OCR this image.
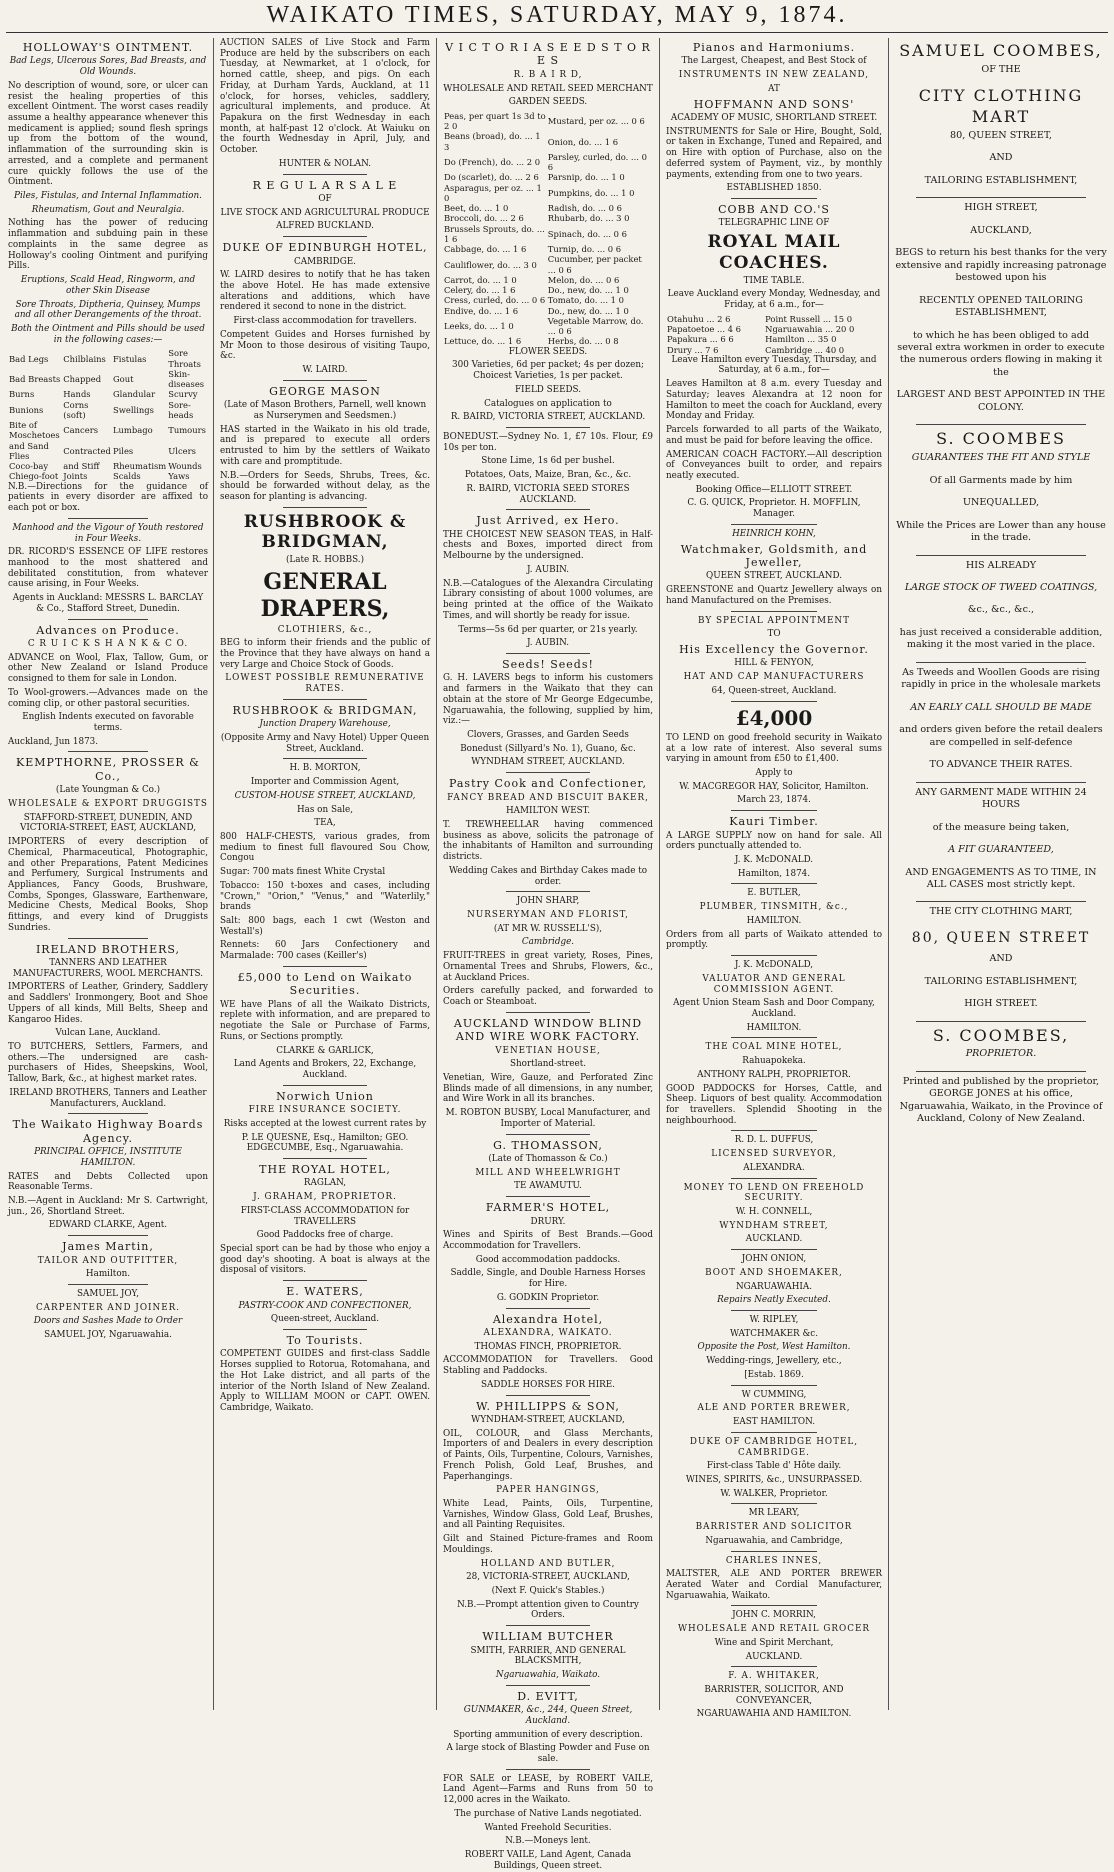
WAIKATO TIMES, SATURDAY, MAY 9, 1874.
HOLLOWAY'S OINTMENT.

Bad Legs, Ulcerous Sores, Bad Breasts, and Old Wounds.

No description of wound, sore, or ulcer can resist the healing properties of this excellent Ointment. The worst cases readily assume a healthy appearance whenever this medicament is applied; sound flesh springs up from the bottom of the wound, inflammation of the surrounding skin is arrested, and a complete and permanent cure quickly follows the use of the Ointment.

Piles, Fistulas, and Internal Inflammation.

Rheumatism, Gout and Neuralgia.

Nothing has the power of reducing inflammation and subduing pain in these complaints in the same degree as Holloway's cooling Ointment and purifying Pills.

Eruptions, Scald Head, Ringworm, and other Skin Disease

Sore Throats, Diptheria, Quinsey, Mumps and all other Derangements of the throat.

Both the Ointment and Pills should be used in the following cases:—

Bad Legs	Chilblains	Fistulas	Sore Throats
Bad Breasts	Chapped	Gout	Skin-diseases
Burns	Hands	Glandular	Scurvy
Bunions	Corns (soft)	Swellings	Sore-heads
Bite of Moschetoes	Cancers	Lumbago	Tumours
and Sand Flies	Contracted	Piles	Ulcers
Coco-bay	and Stiff	Rheumatism	Wounds
Chiego-foot	Joints	Scalds	Yaws

N.B.—Directions for the guidance of patients in every disorder are affixed to each pot or box.

Manhood and the Vigour of Youth restored in Four Weeks.

DR. RICORD'S ESSENCE OF LIFE restores manhood to the most shattered and debilitated constitution, from whatever cause arising, in Four Weeks.

Agents in Auckland: MESSRS L. BARCLAY & Co., Stafford Street, Dunedin.

Advances on Produce.

C R U I C K S H A N K & C O.

ADVANCE on Wool, Flax, Tallow, Gum, or other New Zealand or Island Produce consigned to them for sale in London.

To Wool-growers.—Advances made on the coming clip, or other pastoral securities.

English Indents executed on favorable terms.

Auckland, Jun 1873.

KEMPTHORNE, PROSSER & Co.,

(Late Youngman & Co.)

WHOLESALE & EXPORT DRUGGISTS

STAFFORD-STREET, DUNEDIN, AND VICTORIA-STREET, EAST, AUCKLAND,

IMPORTERS of every description of Chemical, Pharmaceutical, Photographic, and other Preparations, Patent Medicines and Perfumery, Surgical Instruments and Appliances, Fancy Goods, Brushware, Combs, Sponges, Glassware, Earthenware, Medicine Chests, Medical Books, Shop fittings, and every kind of Druggists Sundries.

IRELAND BROTHERS,

TANNERS AND LEATHER MANUFACTURERS, WOOL MERCHANTS.

IMPORTERS of Leather, Grindery, Saddlery and Saddlers' Ironmongery, Boot and Shoe Uppers of all kinds, Mill Belts, Sheep and Kangaroo Hides.

Vulcan Lane, Auckland.

TO BUTCHERS, Settlers, Farmers, and others.—The undersigned are cash-purchasers of Hides, Sheepskins, Wool, Tallow, Bark, &c., at highest market rates.

IRELAND BROTHERS, Tanners and Leather Manufacturers, Auckland.

The Waikato Highway Boards Agency.

PRINCIPAL OFFICE, INSTITUTE HAMILTON.

RATES and Debts Collected upon Reasonable Terms.

N.B.—Agent in Auckland: Mr S. Cartwright, jun., 26, Shortland Street.

EDWARD CLARKE, Agent.

James Martin,

TAILOR AND OUTFITTER,

Hamilton.

SAMUEL JOY,

CARPENTER AND JOINER.

Doors and Sashes Made to Order

SAMUEL JOY, Ngaruawahia.

AUCTION SALES of Live Stock and Farm Produce are held by the subscribers on each Tuesday, at Newmarket, at 1 o'clock, for horned cattle, sheep, and pigs. On each Friday, at Durham Yards, Auckland, at 11 o'clock, for horses, vehicles, saddlery, agricultural implements, and produce. At Papakura on the first Wednesday in each month, at half-past 12 o'clock. At Waiuku on the fourth Wednesday in April, July, and October.

HUNTER & NOLAN.

R E G U L A R S A L E

OF

LIVE STOCK AND AGRICULTURAL PRODUCE

ALFRED BUCKLAND.

DUKE OF EDINBURGH HOTEL,

CAMBRIDGE.

W. LAIRD desires to notify that he has taken the above Hotel. He has made extensive alterations and additions, which have rendered it second to none in the district.

First-class accommodation for travellers.

Competent Guides and Horses furnished by Mr Moon to those desirous of visiting Taupo, &c.

W. LAIRD.

GEORGE MASON

(Late of Mason Brothers, Parnell, well known as Nurserymen and Seedsmen.)

HAS started in the Waikato in his old trade, and is prepared to execute all orders entrusted to him by the settlers of Waikato with care and promptitude.

N.B.—Orders for Seeds, Shrubs, Trees, &c. should be forwarded without delay, as the season for planting is advancing.

RUSHBROOK & BRIDGMAN,

(Late R. HOBBS.)

GENERAL DRAPERS,

CLOTHIERS, &c.,

BEG to inform their friends and the public of the Province that they have always on hand a very Large and Choice Stock of Goods.

LOWEST POSSIBLE REMUNERATIVE RATES.

RUSHBROOK & BRIDGMAN,

Junction Drapery Warehouse,

(Opposite Army and Navy Hotel) Upper Queen Street, Auckland.

H. B. MORTON,

Importer and Commission Agent,

CUSTOM-HOUSE STREET, AUCKLAND,

Has on Sale,

TEA,

800 HALF-CHESTS, various grades, from medium to finest full flavoured Sou Chow, Congou

Sugar: 700 mats finest White Crystal

Tobacco: 150 t-boxes and cases, including "Crown," "Orion," "Venus," and "Waterlily," brands

Salt: 800 bags, each 1 cwt (Weston and Westall's)

Rennets: 60 Jars Confectionery and Marmalade: 700 cases (Keiller's)

£5,000 to Lend on Waikato Securities.

WE have Plans of all the Waikato Districts, replete with information, and are prepared to negotiate the Sale or Purchase of Farms, Runs, or Sections promptly.

CLARKE & GARLICK,

Land Agents and Brokers, 22, Exchange, Auckland.

Norwich Union

FIRE INSURANCE SOCIETY.

Risks accepted at the lowest current rates by

P. LE QUESNE, Esq., Hamilton; GEO. EDGECUMBE, Esq., Ngaruawahia.

THE ROYAL HOTEL,

RAGLAN,

J. GRAHAM, PROPRIETOR.

FIRST-CLASS ACCOMMODATION for TRAVELLERS

Good Paddocks free of charge.

Special sport can be had by those who enjoy a good day's shooting. A boat is always at the disposal of visitors.

E. WATERS,

PASTRY-COOK AND CONFECTIONER,

Queen-street, Auckland.

To Tourists.

COMPETENT GUIDES and first-class Saddle Horses supplied to Rotorua, Rotomahana, and the Hot Lake district, and all parts of the interior of the North Island of New Zealand. Apply to WILLIAM MOON or CAPT. OWEN. Cambridge, Waikato.

V I C T O R I A S E E D S T O R E S

R. B A I R D,

WHOLESALE AND RETAIL SEED MERCHANT

GARDEN SEEDS.

Peas, per quart 1s 3d to 2 0	Mustard, per oz. ... 0 6
Beans (broad), do. ... 1 3	Onion, do. ... 1 6
Do (French), do. ... 2 0	Parsley, curled, do. ... 0 6
Do (scarlet), do. ... 2 6	Parsnip, do. ... 1 0
Asparagus, per oz. ... 1 0	Pumpkins, do. ... 1 0
Beet, do. ... 1 0	Radish, do. ... 0 6
Broccoli, do. ... 2 6	Rhubarb, do. ... 3 0
Brussels Sprouts, do. ... 1 6	Spinach, do. ... 0 6
Cabbage, do. ... 1 6	Turnip, do. ... 0 6
Cauliflower, do. ... 3 0	Cucumber, per packet ... 0 6
Carrot, do. ... 1 0	Melon, do. ... 0 6
Celery, do. ... 1 6	Do., new, do. ... 1 0
Cress, curled, do. ... 0 6	Tomato, do. ... 1 0
Endive, do. ... 1 6	Do., new, do. ... 1 0
Leeks, do. ... 1 0	Vegetable Marrow, do. ... 0 6
Lettuce, do. ... 1 6	Herbs, do. ... 0 8

FLOWER SEEDS.

300 Varieties, 6d per packet; 4s per dozen; Choicest Varieties, 1s per packet.

FIELD SEEDS.

Catalogues on application to

R. BAIRD, VICTORIA STREET, AUCKLAND.

BONEDUST.—Sydney No. 1, £7 10s. Flour, £9 10s per ton.

Stone Lime, 1s 6d per bushel.

Potatoes, Oats, Maize, Bran, &c., &c.

R. BAIRD, VICTORIA SEED STORES AUCKLAND.

Just Arrived, ex Hero.

THE CHOICEST NEW SEASON TEAS, in Half-chests and Boxes, imported direct from Melbourne by the undersigned.

J. AUBIN.

N.B.—Catalogues of the Alexandra Circulating Library consisting of about 1000 volumes, are being printed at the office of the Waikato Times, and will shortly be ready for issue.

Terms—5s 6d per quarter, or 21s yearly.

J. AUBIN.

Seeds! Seeds!

G. H. LAVERS begs to inform his customers and farmers in the Waikato that they can obtain at the store of Mr George Edgecumbe, Ngaruawahia, the following, supplied by him, viz.:—

Clovers, Grasses, and Garden Seeds

Bonedust (Sillyard's No. 1), Guano, &c.

WYNDHAM STREET, AUCKLAND.

Pastry Cook and Confectioner,

FANCY BREAD AND BISCUIT BAKER,

HAMILTON WEST.

T. TREWHEELLAR having commenced business as above, solicits the patronage of the inhabitants of Hamilton and surrounding districts.

Wedding Cakes and Birthday Cakes made to order.

JOHN SHARP,

NURSERYMAN AND FLORIST,

(AT MR W. RUSSELL'S),

Cambridge.

FRUIT-TREES in great variety, Roses, Pines, Ornamental Trees and Shrubs, Flowers, &c., at Auckland Prices.

Orders carefully packed, and forwarded to Coach or Steamboat.

AUCKLAND WINDOW BLIND AND WIRE WORK FACTORY.

VENETIAN HOUSE,

Shortland-street.

Venetian, Wire, Gauze, and Perforated Zinc Blinds made of all dimensions, in any number, and Wire Work in all its branches.

M. ROBTON BUSBY, Local Manufacturer, and Importer of Material.

G. THOMASSON,

(Late of Thomasson & Co.)

MILL AND WHEELWRIGHT

TE AWAMUTU.

FARMER'S HOTEL,

DRURY.

Wines and Spirits of Best Brands.—Good Accommodation for Travellers.

Good accommodation paddocks.

Saddle, Single, and Double Harness Horses for Hire.

G. GODKIN Proprietor.

Alexandra Hotel,

ALEXANDRA, WAIKATO.

THOMAS FINCH, PROPRIETOR.

ACCOMMODATION for Travellers. Good Stabling and Paddocks.

SADDLE HORSES FOR HIRE.

W. PHILLIPPS & SON,

WYNDHAM-STREET, AUCKLAND,

OIL, COLOUR, and Glass Merchants, Importers of and Dealers in every description of Paints, Oils, Turpentine, Colours, Varnishes, French Polish, Gold Leaf, Brushes, and Paperhangings.

PAPER HANGINGS,

White Lead, Paints, Oils, Turpentine, Varnishes, Window Glass, Gold Leaf, Brushes, and all Painting Requisites.

Gilt and Stained Picture-frames and Room Mouldings.

HOLLAND AND BUTLER,

28, VICTORIA-STREET, AUCKLAND,

(Next F. Quick's Stables.)

N.B.—Prompt attention given to Country Orders.

WILLIAM BUTCHER

SMITH, FARRIER, AND GENERAL BLACKSMITH,

Ngaruawahia, Waikato.

D. EVITT,

GUNMAKER, &c., 244, Queen Street, Auckland.

Sporting ammunition of every description.

A large stock of Blasting Powder and Fuse on sale.

FOR SALE or LEASE, by ROBERT VAILE, Land Agent—Farms and Runs from 50 to 12,000 acres in the Waikato.

The purchase of Native Lands negotiated.

Wanted Freehold Securities.

N.B.—Moneys lent.

ROBERT VAILE, Land Agent, Canada Buildings, Queen street.

Pianos and Harmoniums.

The Largest, Cheapest, and Best Stock of

INSTRUMENTS IN NEW ZEALAND,

AT

HOFFMANN AND SONS'

ACADEMY OF MUSIC, SHORTLAND STREET.

INSTRUMENTS for Sale or Hire, Bought, Sold, or taken in Exchange, Tuned and Repaired, and on Hire with option of Purchase, also on the deferred system of Payment, viz., by monthly payments, extending from one to two years.

ESTABLISHED 1850.

COBB AND CO.'S

TELEGRAPHIC LINE OF

ROYAL MAIL COACHES.

TIME TABLE.

Leave Auckland every Monday, Wednesday, and Friday, at 6 a.m., for—

Otahuhu ... 2 6	Point Russell ... 15 0
Papatoetoe ... 4 6	Ngaruawahia ... 20 0
Papakura ... 6 6	Hamilton ... 35 0
Drury ... 7 6	Cambridge ... 40 0

Leave Hamilton every Tuesday, Thursday, and Saturday, at 6 a.m., for—

Leaves Hamilton at 8 a.m. every Tuesday and Saturday; leaves Alexandra at 12 noon for Hamilton to meet the coach for Auckland, every Monday and Friday.

Parcels forwarded to all parts of the Waikato, and must be paid for before leaving the office.

AMERICAN COACH FACTORY.—All description of Conveyances built to order, and repairs neatly executed.

Booking Office—ELLIOTT STREET.

C. G. QUICK, Proprietor. H. MOFFLIN, Manager.

HEINRICH KOHN,

Watchmaker, Goldsmith, and Jeweller,

QUEEN STREET, AUCKLAND.

GREENSTONE and Quartz Jewellery always on hand Manufactured on the Premises.

BY SPECIAL APPOINTMENT

TO

His Excellency the Governor.

HILL & FENYON,

HAT AND CAP MANUFACTURERS

64, Queen-street, Auckland.

£4,000

TO LEND on good freehold security in Waikato at a low rate of interest. Also several sums varying in amount from £50 to £1,400.

Apply to

W. MACGREGOR HAY, Solicitor, Hamilton.

March 23, 1874.

Kauri Timber.

A LARGE SUPPLY now on hand for sale. All orders punctually attended to.

J. K. McDONALD.

Hamilton, 1874.

E. BUTLER,

PLUMBER, TINSMITH, &c.,

HAMILTON.

Orders from all parts of Waikato attended to promptly.

J. K. McDONALD,

VALUATOR AND GENERAL COMMISSION AGENT.

Agent Union Steam Sash and Door Company, Auckland.

HAMILTON.

THE COAL MINE HOTEL,

Rahuapokeka.

ANTHONY RALPH, PROPRIETOR.

GOOD PADDOCKS for Horses, Cattle, and Sheep. Liquors of best quality. Accommodation for travellers. Splendid Shooting in the neighbourhood.

R. D. L. DUFFUS,

LICENSED SURVEYOR,

ALEXANDRA.

MONEY TO LEND ON FREEHOLD SECURITY.

W. H. CONNELL,

WYNDHAM STREET,

AUCKLAND.

JOHN ONION,

BOOT AND SHOEMAKER,

NGARUAWAHIA.

Repairs Neatly Executed.

W. RIPLEY,

WATCHMAKER &c.

Opposite the Post, West Hamilton.

Wedding-rings, Jewellery, etc.,

[Estab. 1869.

W CUMMING,

ALE AND PORTER BREWER,

EAST HAMILTON.

DUKE OF CAMBRIDGE HOTEL, CAMBRIDGE.

First-class Table d' Hôte daily.

WINES, SPIRITS, &c., UNSURPASSED.

W. WALKER, Proprietor.

MR LEARY,

BARRISTER AND SOLICITOR

Ngaruawahia, and Cambridge,

CHARLES INNES,

MALTSTER, ALE AND PORTER BREWER Aerated Water and Cordial Manufacturer, Ngaruawahia, Waikato.

JOHN C. MORRIN,

WHOLESALE AND RETAIL GROCER

Wine and Spirit Merchant,

AUCKLAND.

F. A. WHITAKER,

BARRISTER, SOLICITOR, AND CONVEYANCER,

NGARUAWAHIA AND HAMILTON.

SAMUEL COOMBES,

OF THE

CITY CLOTHING MART

80, QUEEN STREET,

AND

TAILORING ESTABLISHMENT,

HIGH STREET,

AUCKLAND,

BEGS to return his best thanks for the very extensive and rapidly increasing patronage bestowed upon his

RECENTLY OPENED TAILORING ESTABLISHMENT,

to which he has been obliged to add several extra workmen in order to execute the numerous orders flowing in making it the

LARGEST AND BEST APPOINTED IN THE COLONY.

S. COOMBES

GUARANTEES THE FIT AND STYLE

Of all Garments made by him

UNEQUALLED,

While the Prices are Lower than any house in the trade.

HIS ALREADY

LARGE STOCK OF TWEED COATINGS,

&c., &c., &c.,

has just received a considerable addition, making it the most varied in the place.

As Tweeds and Woollen Goods are rising rapidly in price in the wholesale markets

AN EARLY CALL SHOULD BE MADE

and orders given before the retail dealers are compelled in self-defence

TO ADVANCE THEIR RATES.

ANY GARMENT MADE WITHIN 24 HOURS

of the measure being taken,

A FIT GUARANTEED,

AND ENGAGEMENTS AS TO TIME, IN ALL CASES most strictly kept.

THE CITY CLOTHING MART,

80, QUEEN STREET

AND

TAILORING ESTABLISHMENT,

HIGH STREET.

S. COOMBES,

PROPRIETOR.

Printed and published by the proprietor, GEORGE JONES at his office, Ngaruawahia, Waikato, in the Province of Auckland, Colony of New Zealand.
